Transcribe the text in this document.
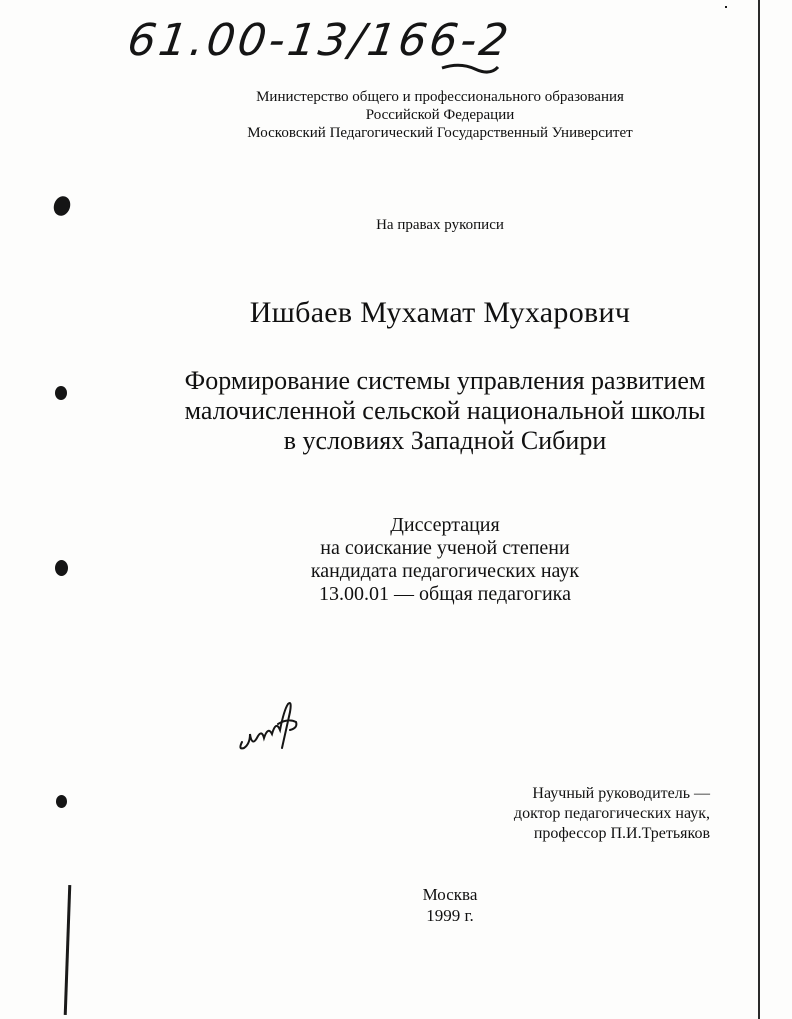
61.00-13/166-2
Министерство общего и профессионального образования
Российской Федерации
Московский Педагогический Государственный Университет
На правах рукописи
Ишбаев Мухамат Мухарович
Формирование системы управления развитием
малочисленной сельской национальной школы
в условиях Западной Сибири
Диссертация
на соискание ученой степени
кандидата педагогических наук
13.00.01 — общая педагогика
Научный руководитель —
доктор педагогических наук,
профессор П.И.Третьяков
Москва
1999 г.
